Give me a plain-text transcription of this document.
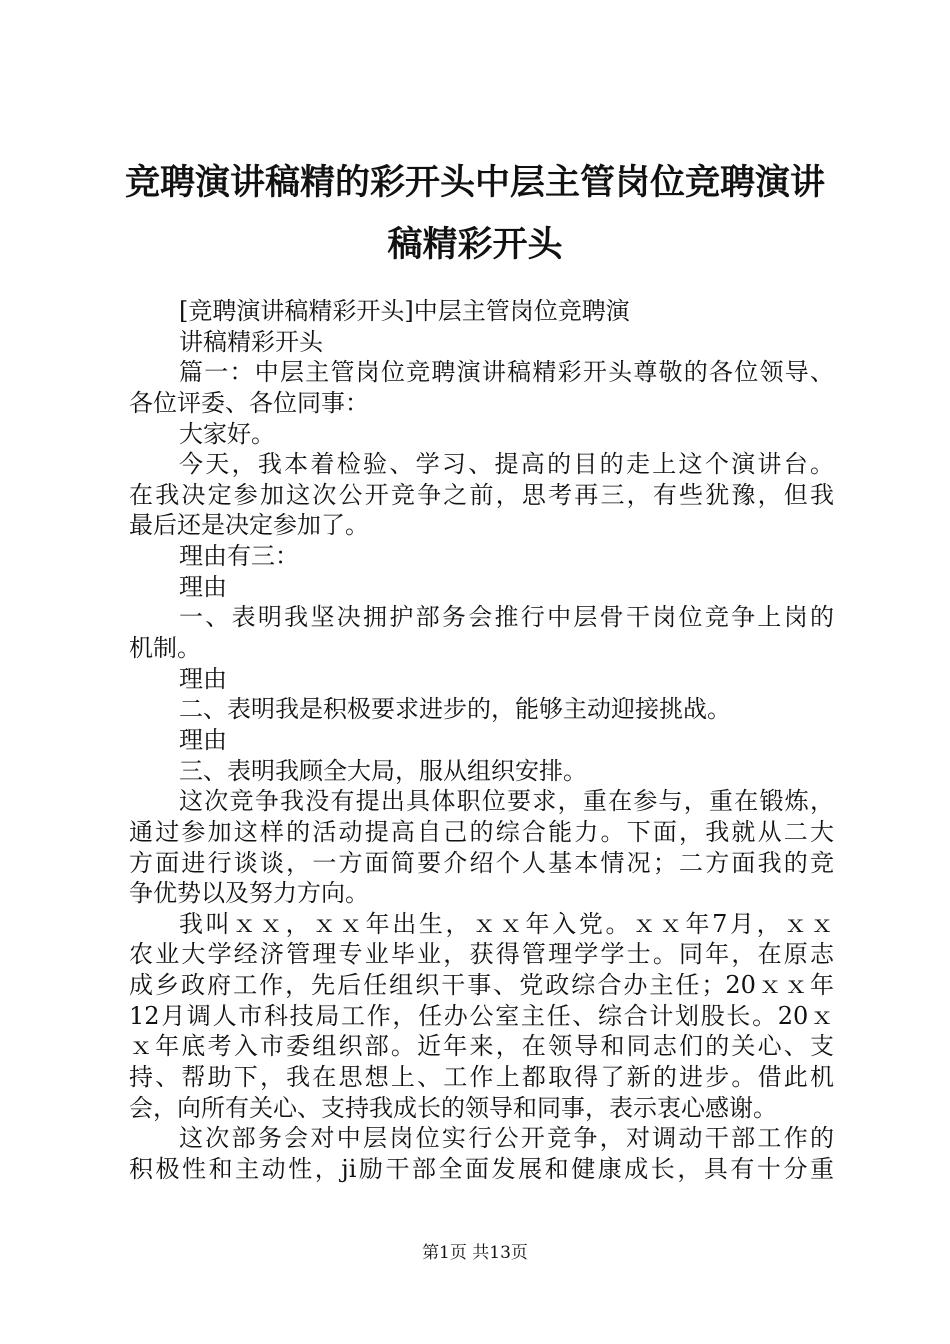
竞聘演讲稿精的彩开头中层主管岗位竞聘演讲
稿精彩开头
[竞聘演讲稿精彩开头]中层主管岗位竞聘演
讲稿精彩开头
篇一：中层主管岗位竞聘演讲稿精彩开头尊敬的各位领导、
各位评委、各位同事：
大家好。
今天，我本着检验、学习、提高的目的走上这个演讲台。
在我决定参加这次公开竞争之前，思考再三，有些犹豫，但我
最后还是决定参加了。
理由有三：
理由
一、表明我坚决拥护部务会推行中层骨干岗位竞争上岗的
机制。
理由
二、表明我是积极要求进步的，能够主动迎接挑战。
理由
三、表明我顾全大局，服从组织安排。
这次竞争我没有提出具体职位要求，重在参与，重在锻炼，
通过参加这样的活动提高自己的综合能力。下面，我就从二大
方面进行谈谈，一方面简要介绍个人基本情况；二方面我的竞
争优势以及努力方向。
我叫ｘｘ，ｘｘ年出生，ｘｘ年入党。ｘｘ年7月，ｘｘ
农业大学经济管理专业毕业，获得管理学学士。同年，在原志
成乡政府工作，先后任组织干事、党政综合办主任；20ｘｘ年
12月调人市科技局工作，任办公室主任、综合计划股长。20ｘ
ｘ年底考入市委组织部。近年来，在领导和同志们的关心、支
持、帮助下，我在思想上、工作上都取得了新的进步。借此机
会，向所有关心、支持我成长的领导和同事，表示衷心感谢。
这次部务会对中层岗位实行公开竞争，对调动干部工作的
积极性和主动性，ji励干部全面发展和健康成长，具有十分重
第1页 共13页
